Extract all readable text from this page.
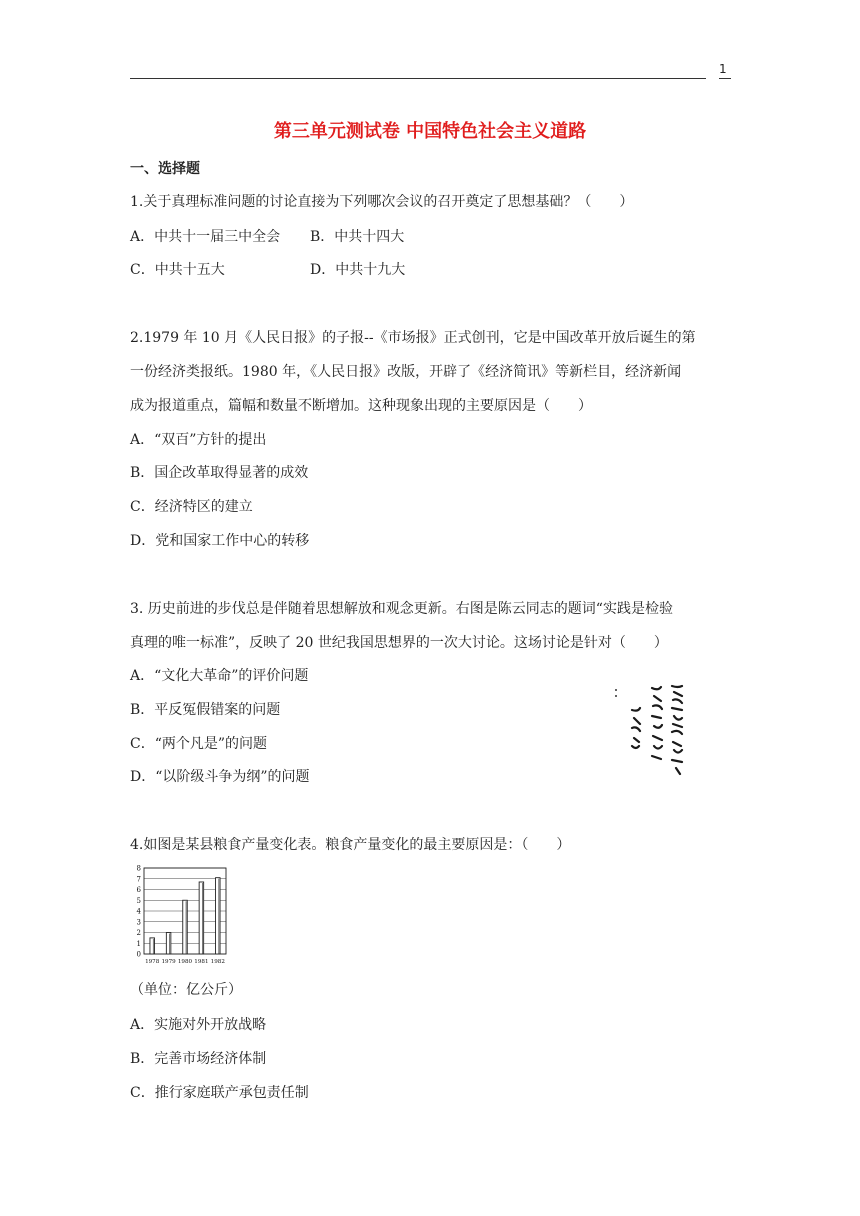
1
第三单元测试卷 中国特色社会主义道路
一、选择题
1.关于真理标准问题的讨论直接为下列哪次会议的召开奠定了思想基础？（　　）
A．中共十一届三中全会 B．中共十四大
C．中共十五大	D．中共十九大
2.1979 年 10 月《人民日报》的子报--《市场报》正式创刊，它是中国改革开放后诞生的第
一份经济类报纸。1980 年，《人民日报》改版，开辟了《经济简讯》等新栏目，经济新闻
成为报道重点，篇幅和数量不断增加。这种现象出现的主要原因是（　　）
A．“双百”方针的提出
B．国企改革取得显著的成效
C．经济特区的建立
D．党和国家工作中心的转移
3. 历史前进的步伐总是伴随着思想解放和观念更新。右图是陈云同志的题词“实践是检验
真理的唯一标准”，反映了 20 世纪我国思想界的一次大讨论。这场讨论是针对（　　）
A．“文化大革命”的评价问题
B．平反冤假错案的问题
C．“两个凡是”的问题
D．“以阶级斗争为纲”的问题
4.如图是某县粮食产量变化表。粮食产量变化的最主要原因是：（　　）
0
1
2
3
4
5
6
7
8
1978 1979 1980 1981 1982
（单位：亿公斤）
A．实施对外开放战略
B．完善市场经济体制
C．推行家庭联产承包责任制
